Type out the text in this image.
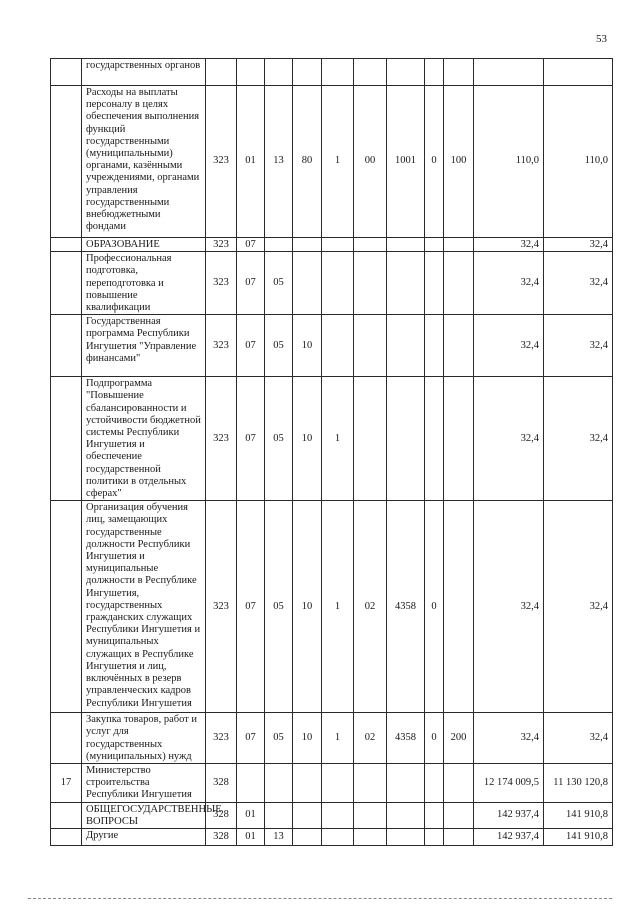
53
	государственных органов											
	Расходы на выплаты персоналу в целях обеспечения выполнения функций государственными (муниципальными) органами, казёнными учреждениями, органами управления государственными внебюджетными фондами	323	01	13	80	1	00	1001	0	100	110,0	110,0
	ОБРАЗОВАНИЕ	323	07								32,4	32,4
	Профессиональная подготовка, переподготовка и повышение квалификации	323	07	05							32,4	32,4
	Государственная программа Республики Ингушетия "Управление финансами"	323	07	05	10						32,4	32,4
	Подпрограмма "Повышение сбалансированности и устойчивости бюджетной системы Республики Ингушетия и обеспечение государственной политики в отдельных сферах"	323	07	05	10	1					32,4	32,4
	Организация обучения лиц, замещающих государственные должности Республики Ингушетия и муниципальные должности в Республике Ингушетия, государственных гражданских служащих Республики Ингушетия и муниципальных служащих в Республике Ингушетия и лиц, включённых в резерв управленческих кадров Республики Ингушетия	323	07	05	10	1	02	4358	0		32,4	32,4
	Закупка товаров, работ и услуг для государственных (муниципальных) нужд	323	07	05	10	1	02	4358	0	200	32,4	32,4
17	Министерство строительства Республики Ингушетия	328									12 174 009,5	11 130 120,8
	ОБЩЕГОСУДАРСТВЕННЫЕ ВОПРОСЫ	328	01								142 937,4	141 910,8
	Другие	328	01	13							142 937,4	141 910,8
